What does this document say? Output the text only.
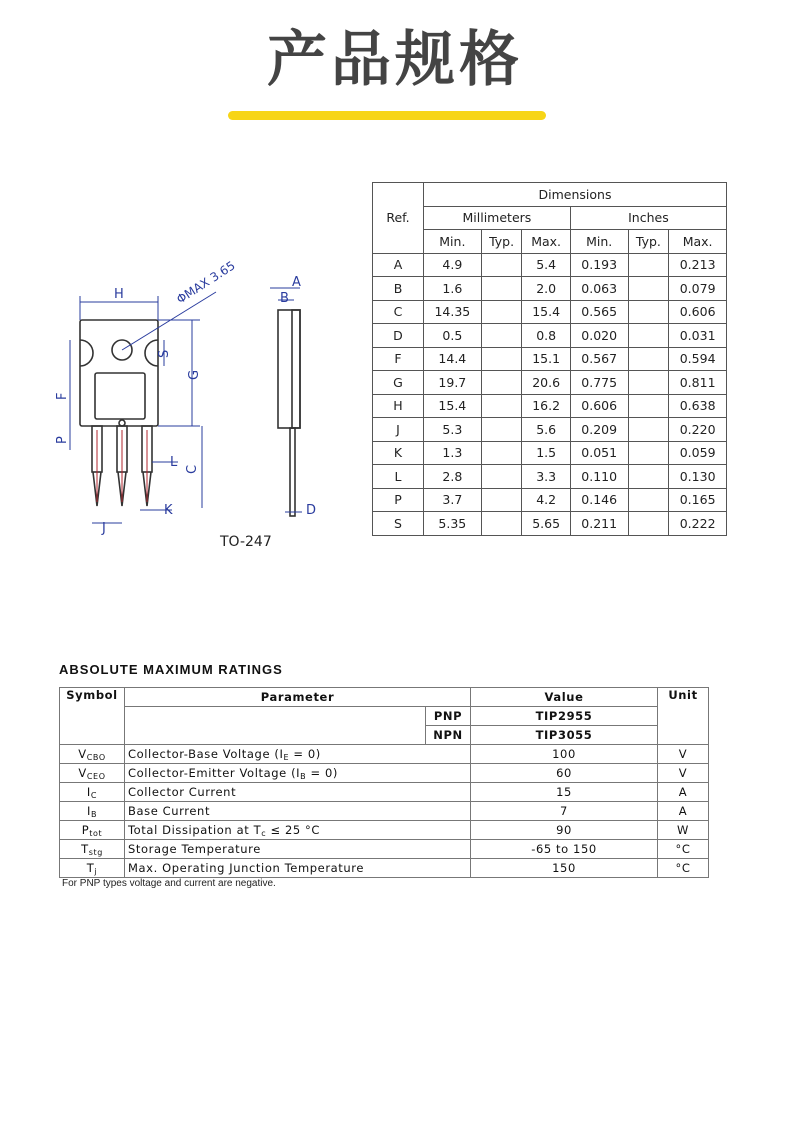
产品规格
H
A
B
S
G
F
P
C
L
J
K	D
ΦMAX 3.65
TO-247
Ref.	Dimensions					
	Millimeters			Inches		
	Min.	Typ.	Max.	Min.	Typ.	Max.
A	4.9		5.4	0.193		0.213
B	1.6		2.0	0.063		0.079
C	14.35		15.4	0.565		0.606
D	0.5		0.8	0.020		0.031
F	14.4		15.1	0.567		0.594
G	19.7		20.6	0.775		0.811
H	15.4		16.2	0.606		0.638
J	5.3		5.6	0.209		0.220
K	1.3		1.5	0.051		0.059
L	2.8		3.3	0.110		0.130
P	3.7		4.2	0.146		0.165
S	5.35		5.65	0.211		0.222
ABSOLUTE MAXIMUM RATINGS
Symbol	Parameter		Value	Unit
		PNP	TIP2955	
		NPN	TIP3055	
$V_{CBO}$	Collector-Base Voltage $(I_E = 0)$		100	V
$V_{CEO}$	Collector-Emitter Voltage $(I_B = 0)$		60	V
$I_C$	Collector Current		15	A
$I_B$	Base Current		7	A
$P_{tot}$	Total Dissipation at $T_c \le 25$ °C		90	W
$T_{stg}$	Storage Temperature		-65 to 150	°C
$T_j$	Max. Operating Junction Temperature		150	°C
For PNP types voltage and current are negative.
